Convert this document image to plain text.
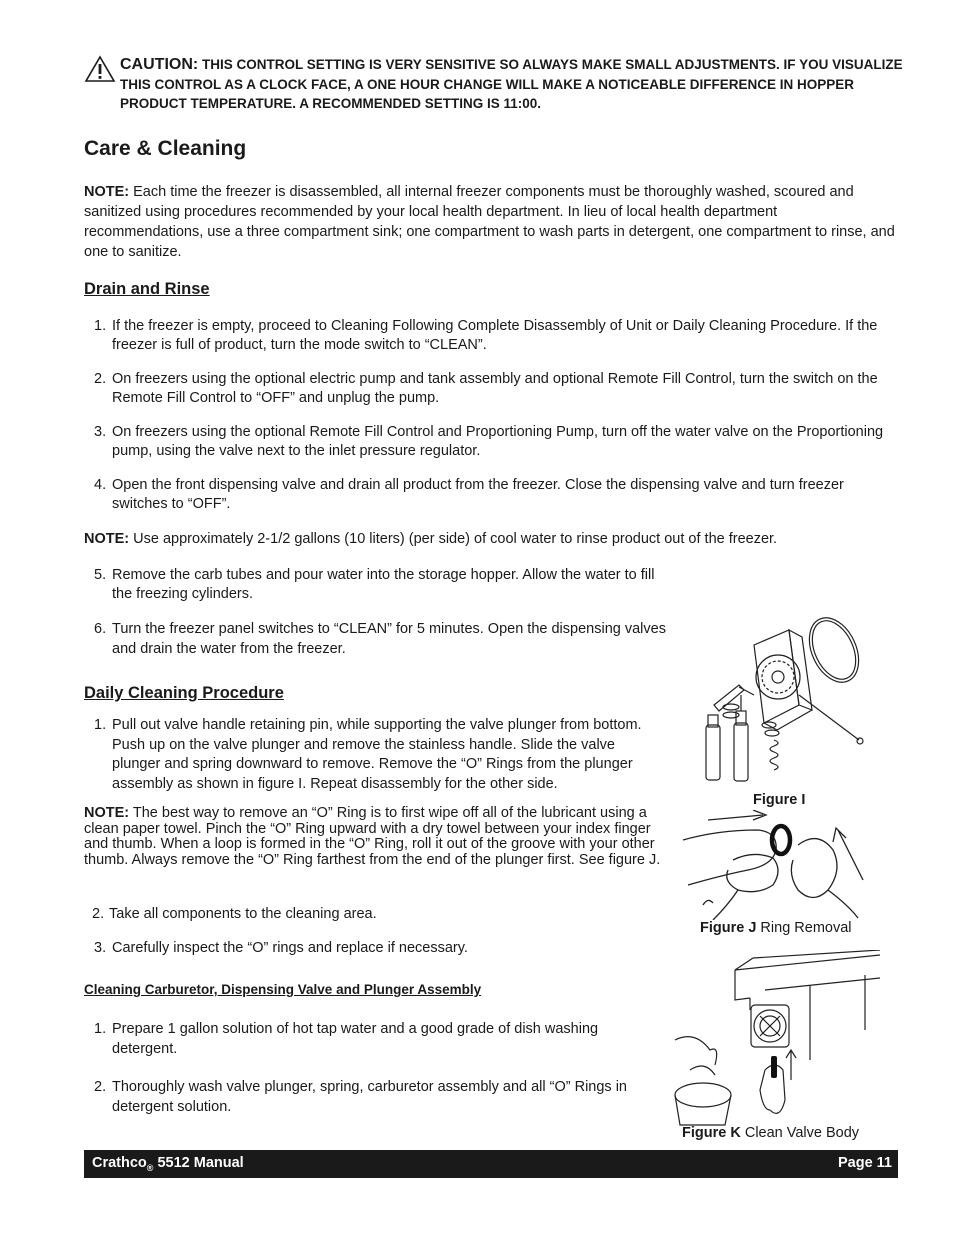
CAUTION: THIS CONTROL SETTING IS VERY SENSITIVE SO ALWAYS MAKE SMALL ADJUSTMENTS. IF YOU VISUALIZE THIS CONTROL AS A CLOCK FACE, A ONE HOUR CHANGE WILL MAKE A NOTICEABLE DIFFERENCE IN HOPPER PRODUCT TEMPERATURE. A RECOMMENDED SETTING IS 11:00.
Care & Cleaning
NOTE: Each time the freezer is disassembled, all internal freezer components must be thoroughly washed, scoured and sanitized using procedures recommended by your local health department. In lieu of local health department recommendations, use a three compartment sink; one compartment to wash parts in detergent, one compartment to rinse, and one to sanitize.
Drain and Rinse
1. If the freezer is empty, proceed to Cleaning Following Complete Disassembly of Unit or Daily Cleaning Procedure. If the freezer is full of product, turn the mode switch to “CLEAN”.
2. On freezers using the optional electric pump and tank assembly and optional Remote Fill Control, turn the switch on the Remote Fill Control to “OFF” and unplug the pump.
3. On freezers using the optional Remote Fill Control and Proportioning Pump, turn off the water valve on the Proportioning pump, using the valve next to the inlet pressure regulator.
4. Open the front dispensing valve and drain all product from the freezer. Close the dispensing valve and turn freezer switches to “OFF”.
NOTE: Use approximately 2-1/2 gallons (10 liters) (per side) of cool water to rinse product out of the freezer.
5. Remove the carb tubes and pour water into the storage hopper. Allow the water to fill the freezing cylinders.
6. Turn the freezer panel switches to “CLEAN” for 5 minutes. Open the dispensing valves and drain the water from the freezer.
Daily Cleaning Procedure
1. Pull out valve handle retaining pin, while supporting the valve plunger from bottom. Push up on the valve plunger and remove the stainless handle. Slide the valve plunger and spring downward to remove. Remove the “O” Rings from the plunger assembly as shown in figure I. Repeat disassembly for the other side.
NOTE: The best way to remove an “O” Ring is to first wipe off all of the lubricant using a clean paper towel. Pinch the “O” Ring upward with a dry towel between your index finger and thumb. When a loop is formed in the “O” Ring, roll it out of the groove with your other thumb. Always remove the “O” Ring farthest from the end of the plunger first. See figure J.
2. Take all components to the cleaning area.
3. Carefully inspect the “O” rings and replace if necessary.
Cleaning Carburetor, Dispensing Valve and Plunger Assembly
1. Prepare 1 gallon solution of hot tap water and a good grade of dish washing detergent.
2. Thoroughly wash valve plunger, spring, carburetor assembly and all “O” Rings in detergent solution.
Figure I
Figure J Ring Removal
Figure K Clean Valve Body
Crathco$_®$ 5512 Manual	Page 11
